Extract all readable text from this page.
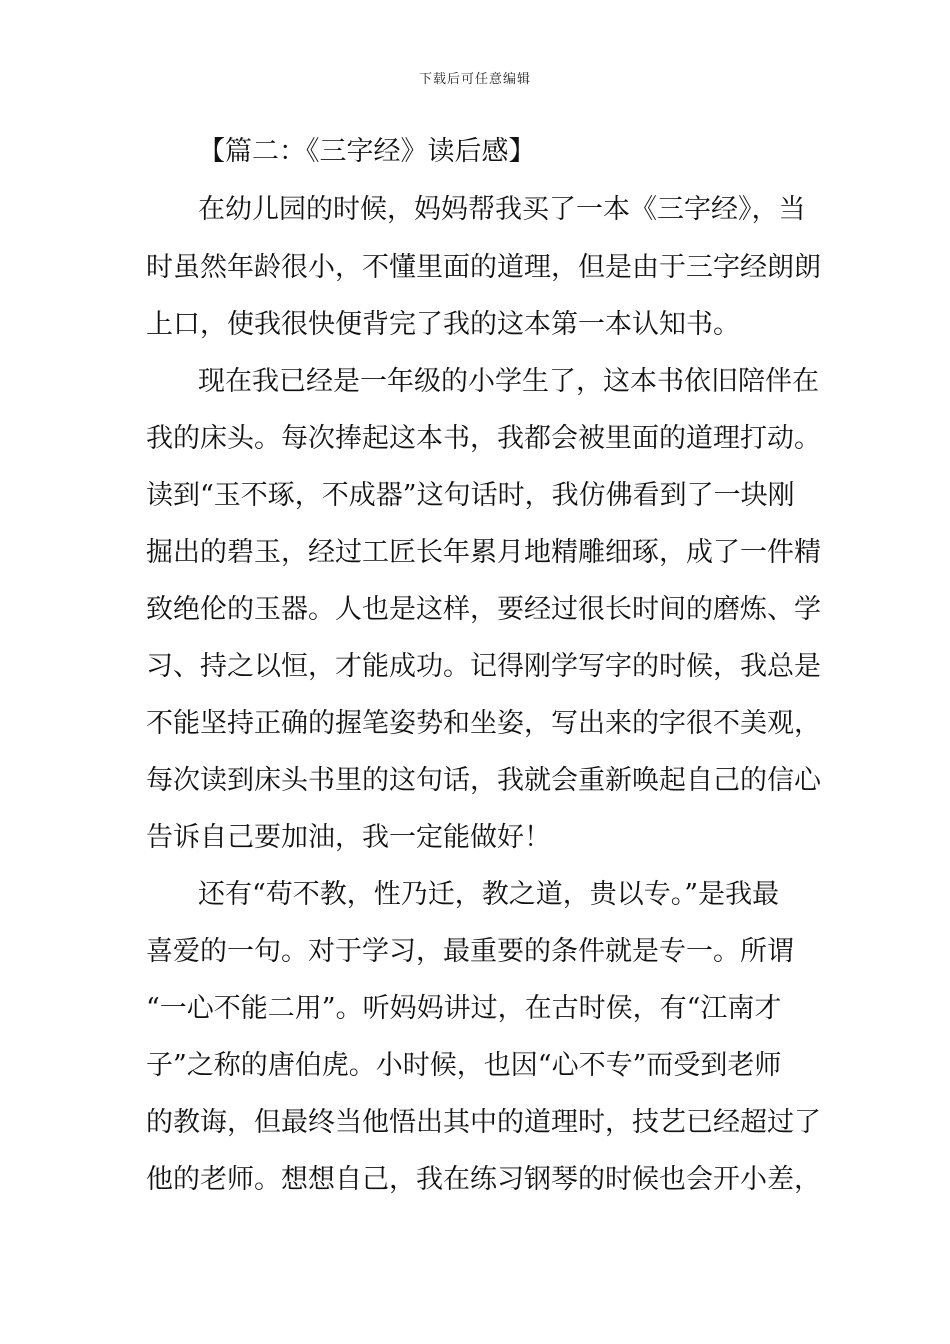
下载后可任意编辑
【篇二：《三字经》读后感】
在幼儿园的时候，妈妈帮我买了一本《三字经》，当
时虽然年龄很小，不懂里面的道理，但是由于三字经朗朗
上口，使我很快便背完了我的这本第一本认知书。
现在我已经是一年级的小学生了，这本书依旧陪伴在
我的床头。每次捧起这本书，我都会被里面的道理打动。
读到“玉不琢，不成器”这句话时，我仿佛看到了一块刚
掘出的碧玉，经过工匠长年累月地精雕细琢，成了一件精
致绝伦的玉器。人也是这样，要经过很长时间的磨炼、学
习、持之以恒，才能成功。记得刚学写字的时候，我总是
不能坚持正确的握笔姿势和坐姿，写出来的字很不美观，
每次读到床头书里的这句话，我就会重新唤起自己的信心
告诉自己要加油，我一定能做好！
还有“苟不教，性乃迁，教之道，贵以专。”是我最
喜爱的一句。对于学习，最重要的条件就是专一。所谓
“一心不能二用”。听妈妈讲过，在古时侯，有“江南才
子”之称的唐伯虎。小时候，也因“心不专”而受到老师
的教诲，但最终当他悟出其中的道理时，技艺已经超过了
他的老师。想想自己，我在练习钢琴的时候也会开小差，
